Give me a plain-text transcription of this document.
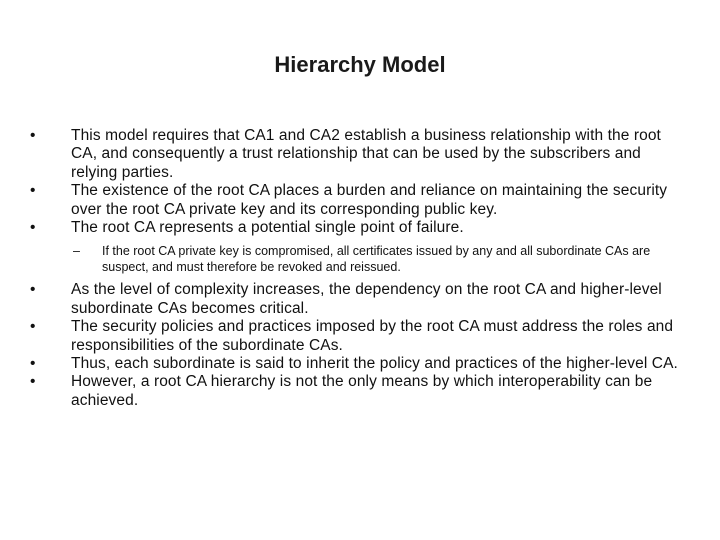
Hierarchy Model

•	This model requires that CA1 and CA2 establish a business relationship with the root CA, and consequently a trust relationship that can be used by the subscribers and relying parties.

•	The existence of the root CA places a burden and reliance on maintaining the security over the root CA private key and its corresponding public key.

•	The root CA represents a potential single point of failure.

– If the root CA private key is compromised, all certificates issued by any and all subordinate CAs are suspect, and must therefore be revoked and reissued.

•	As the level of complexity increases, the dependency on the root CA and higher‑level subordinate CAs becomes critical.

•	The security policies and practices imposed by the root CA must address the roles and responsibilities of the subordinate CAs.

•	Thus, each subordinate is said to inherit the policy and practices of the higher-level CA.

•	However, a root CA hierarchy is not the only means by which interoperability can be achieved.
